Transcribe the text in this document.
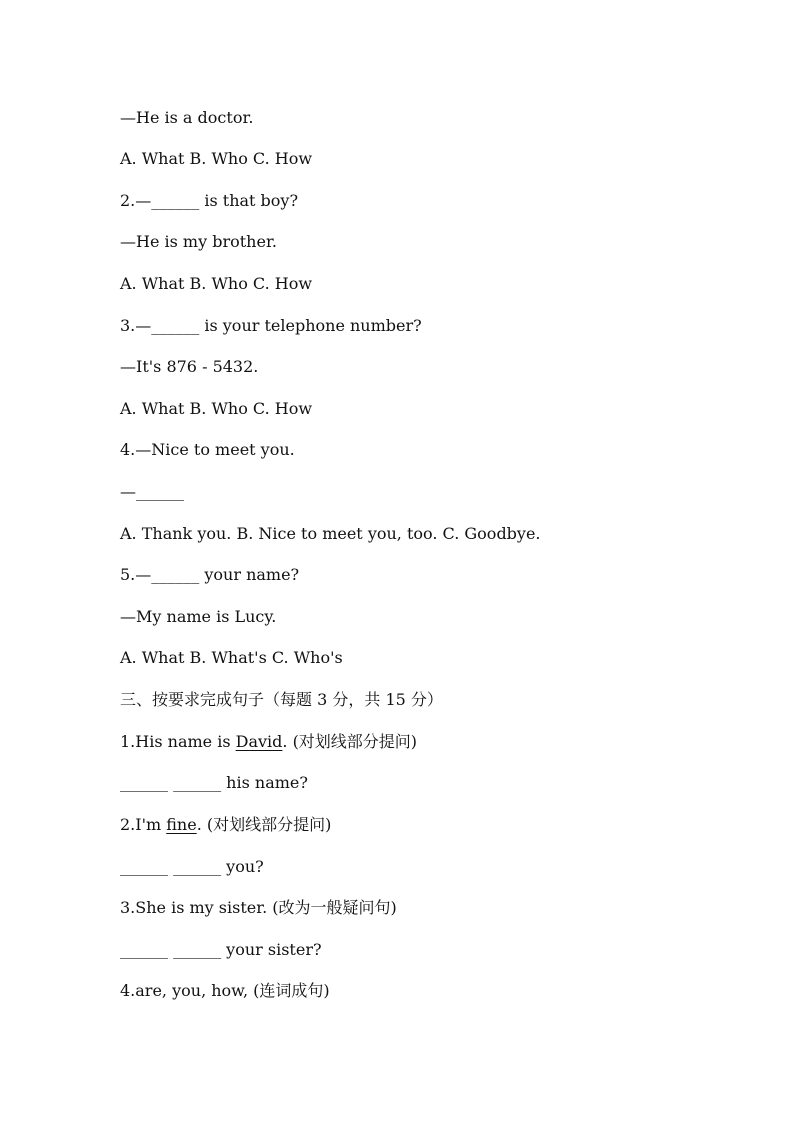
—He is a doctor.

A. What B. Who C. How

2.—______ is that boy?

—He is my brother.

A. What B. Who C. How

3.—______ is your telephone number?

—It's 876 - 5432.

A. What B. Who C. How

4.—Nice to meet you.

—______

A. Thank you. B. Nice to meet you, too. C. Goodbye.

5.—______ your name?

—My name is Lucy.

A. What B. What's C. Who's

三、按要求完成句子（每题 3 分，共 15 分）

1.His name is David. (对划线部分提问)

______ ______ his name?

2.I'm fine. (对划线部分提问)

______ ______ you?

3.She is my sister. (改为一般疑问句)

______ ______ your sister?

4.are, you, how, (连词成句)
